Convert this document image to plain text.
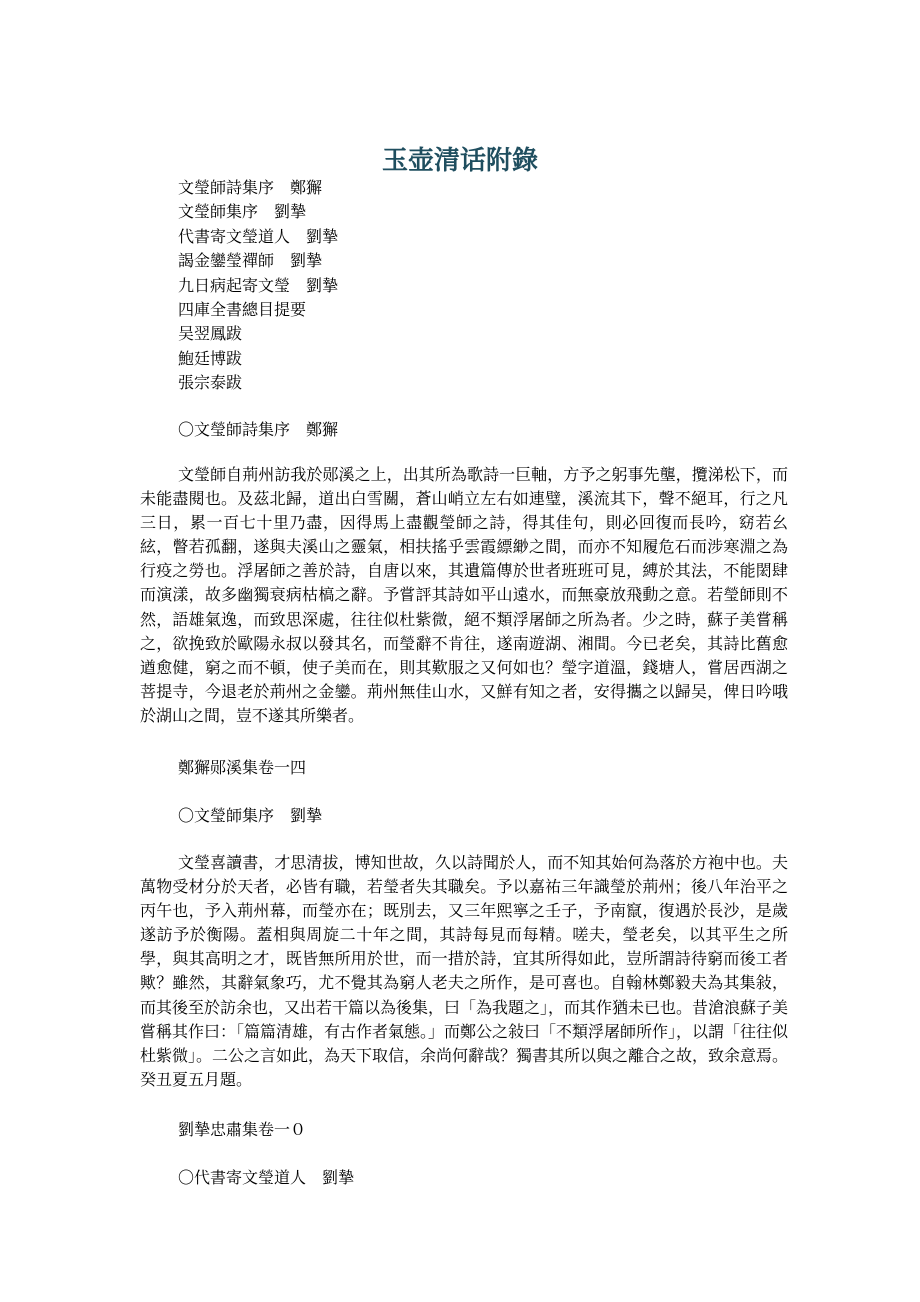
玉壶清话附錄
文瑩師詩集序　鄭獬
文瑩師集序　劉摯
代書寄文瑩道人　劉摯
謁金鑾瑩禪師　劉摯
九日病起寄文瑩　劉摯
四庫全書總目提要
吴翌鳳跋
鮑廷博跋
張宗泰跋

〇文瑩師詩集序　鄭獬

文瑩師自荊州訪我於郧溪之上，出其所為歌詩一巨軸，方予之躬事先壟，攬涕松下，而未能盡閱也。及茲北歸，道出白雪關，蒼山峭立左右如連璧，溪流其下，聲不絕耳，行之凡三日，累一百七十里乃盡，因得馬上盡觀瑩師之詩，得其佳句，則必回復而長吟，窈若幺絃，瞥若孤翻，遂與夫溪山之靈氣，相扶搖乎雲霞縹緲之間，而亦不知履危石而涉寒淵之為行疫之勞也。浮屠師之善於詩，自唐以來，其遺篇傳於世者班班可見，縛於其法，不能閎肆而演漾，故多幽獨衰病枯槁之辭。予嘗評其詩如平山遠水，而無豪放飛動之意。若瑩師則不然，語雄氣逸，而致思深處，往往似杜紫微，絕不類浮屠師之所為者。少之時，蘇子美嘗稱之，欲挽致於歐陽永叔以發其名，而瑩辭不肯往，遂南遊湖、湘間。今已老矣，其詩比舊愈遒愈健，窮之而不頓，使子美而在，則其歎服之又何如也？瑩字道溫，錢塘人，嘗居西湖之菩提寺，今退老於荊州之金鑾。荊州無佳山水，又鮮有知之者，安得攜之以歸吴，俾日吟哦於湖山之間，豈不遂其所樂者。

鄭獬郧溪集卷一四

〇文瑩師集序　劉摯

文瑩喜讀書，才思清拔，博知世故，久以詩聞於人，而不知其始何為落於方袍中也。夫萬物受材分於天者，必皆有職，若瑩者失其職矣。予以嘉祐三年識瑩於荊州；後八年治平之丙午也，予入荊州幕，而瑩亦在；既別去，又三年熙寧之壬子，予南竄，復遇於長沙，是歲遂訪予於衡陽。蓋相與周旋二十年之間，其詩每見而每精。嗟夫，瑩老矣，以其平生之所學，與其高明之才，既皆無所用於世，而一措於詩，宜其所得如此，豈所謂詩待窮而後工者歟？雖然，其辭氣象巧，尤不覺其為窮人老夫之所作，是可喜也。自翰林鄭毅夫為其集敍，而其後至於訪余也，又出若干篇以為後集，曰「為我題之」，而其作猶未已也。昔滄浪蘇子美嘗稱其作曰：「篇篇清雄，有古作者氣態。」而鄭公之敍曰「不類浮屠師所作」，以謂「往往似杜紫微」。二公之言如此，為天下取信，余尚何辭哉？獨書其所以與之離合之故，致余意焉。癸丑夏五月題。

劉摯忠肅集卷一０

〇代書寄文瑩道人　劉摯
